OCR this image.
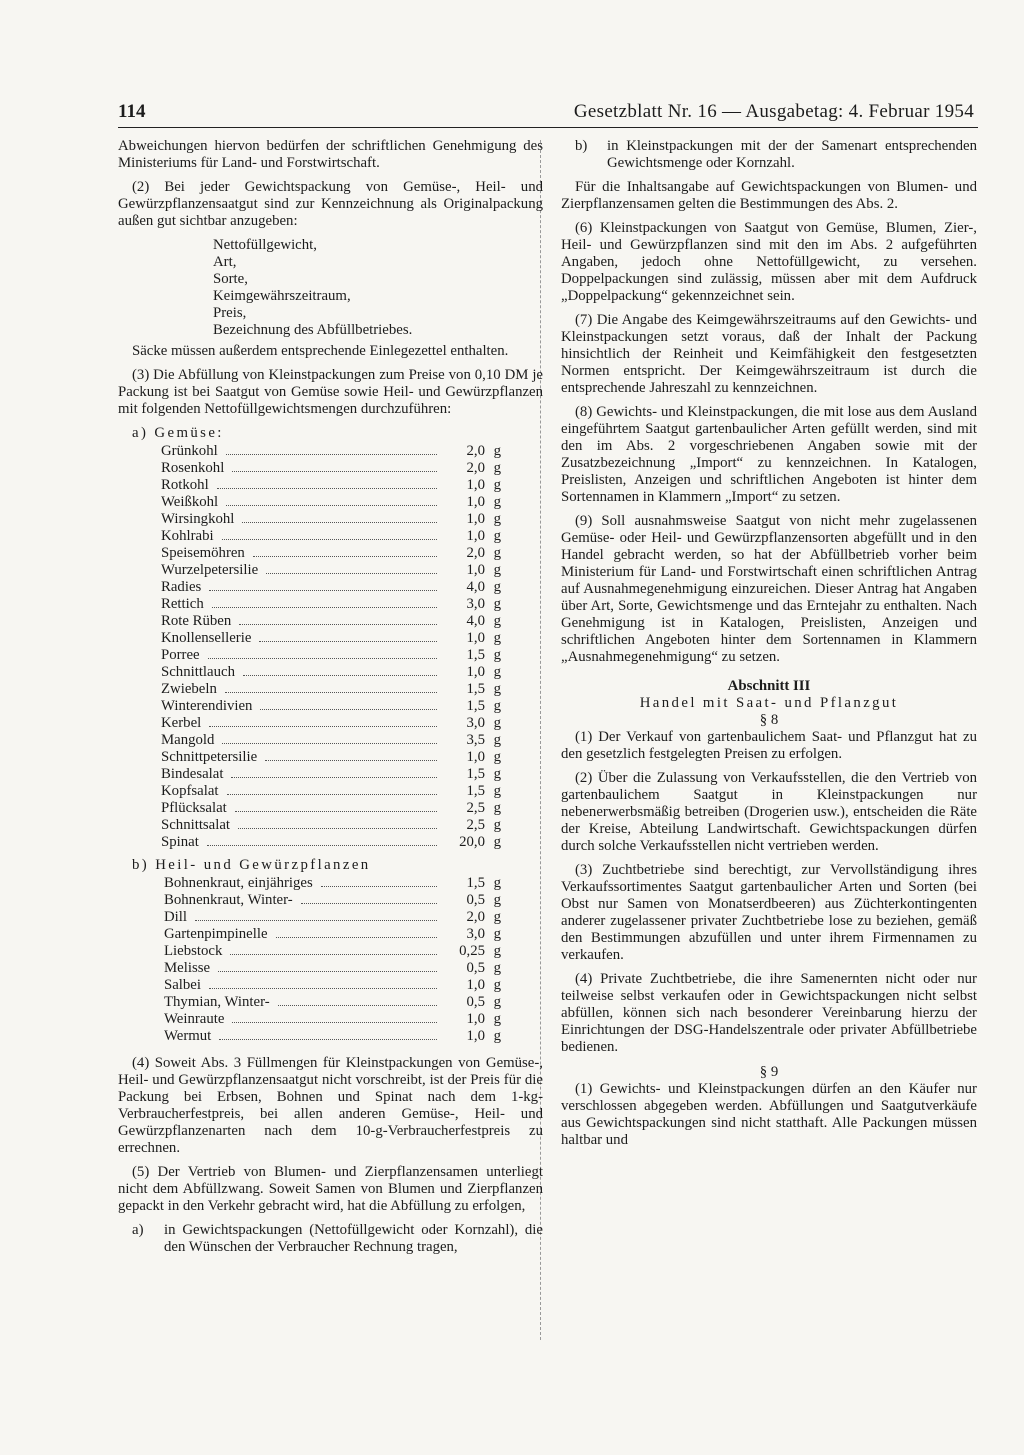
114	Gesetzblatt Nr. 16 — Ausgabetag: 4. Februar 1954

Abweichungen hiervon bedürfen der schriftlichen Genehmigung des Ministeriums für Land- und Forstwirtschaft.

(2) Bei jeder Gewichtspackung von Gemüse-, Heil- und Gewürzpflanzensaatgut sind zur Kennzeichnung als Originalpackung außen gut sichtbar anzugeben:

Nettofüllgewicht,
Art,
Sorte,
Keimgewährszeitraum,
Preis,
Bezeichnung des Abfüllbetriebes.

Säcke müssen außerdem entsprechende Einlegezettel enthalten.

(3) Die Abfüllung von Kleinstpackungen zum Preise von 0,10 DM je Packung ist bei Saatgut von Gemüse sowie Heil- und Gewürzpflanzen mit folgenden Nettofüllgewichtsmengen durchzuführen:

a) Gemüse:
Grünkohl	2,0 g
Rosenkohl	2,0 g
Rotkohl	1,0 g
Weißkohl	1,0 g
Wirsingkohl	1,0 g
Kohlrabi	1,0 g
Speisemöhren	2,0 g
Wurzelpetersilie	1,0 g
Radies	4,0 g
Rettich	3,0 g
Rote Rüben	4,0 g
Knollensellerie	1,0 g
Porree	1,5 g
Schnittlauch	1,0 g
Zwiebeln	1,5 g
Winterendivien	1,5 g
Kerbel	3,0 g
Mangold	3,5 g
Schnittpetersilie	1,0 g
Bindesalat	1,5 g
Kopfsalat	1,5 g
Pflücksalat	2,5 g
Schnittsalat	2,5 g
Spinat	20,0 g
b) Heil- und Gewürzpflanzen
Bohnenkraut, einjähriges	1,5 g
Bohnenkraut, Winter-	0,5 g
Dill	2,0 g
Gartenpimpinelle	3,0 g
Liebstock	0,25 g
Melisse	0,5 g
Salbei	1,0 g
Thymian, Winter-	0,5 g
Weinraute	1,0 g
Wermut	1,0 g

(4) Soweit Abs. 3 Füllmengen für Kleinstpackungen von Gemüse-, Heil- und Gewürzpflanzensaatgut nicht vorschreibt, ist der Preis für die Packung bei Erbsen, Bohnen und Spinat nach dem 1-kg-Verbraucherfestpreis, bei allen anderen Gemüse-, Heil- und Gewürzpflanzenarten nach dem 10-g-Verbraucherfestpreis zu errechnen.

(5) Der Vertrieb von Blumen- und Zierpflanzensamen unterliegt nicht dem Abfüllzwang. Soweit Samen von Blumen und Zierpflanzen gepackt in den Verkehr gebracht wird, hat die Abfüllung zu erfolgen,

a)	in Gewichtspackungen (Nettofüllgewicht oder Kornzahl), die den Wünschen der Verbraucher Rechnung tragen,
b)	in Kleinstpackungen mit der der Samenart entsprechenden Gewichtsmenge oder Kornzahl.

Für die Inhaltsangabe auf Gewichtspackungen von Blumen- und Zierpflanzensamen gelten die Bestimmungen des Abs. 2.

(6) Kleinstpackungen von Saatgut von Gemüse, Blumen, Zier-, Heil- und Gewürzpflanzen sind mit den im Abs. 2 aufgeführten Angaben, jedoch ohne Nettofüllgewicht, zu versehen. Doppelpackungen sind zulässig, müssen aber mit dem Aufdruck „Doppelpackung“ gekennzeichnet sein.

(7) Die Angabe des Keimgewährszeitraums auf den Gewichts- und Kleinstpackungen setzt voraus, daß der Inhalt der Packung hinsichtlich der Reinheit und Keimfähigkeit den festgesetzten Normen entspricht. Der Keimgewährszeitraum ist durch die entsprechende Jahreszahl zu kennzeichnen.

(8) Gewichts- und Kleinstpackungen, die mit lose aus dem Ausland eingeführtem Saatgut gartenbaulicher Arten gefüllt werden, sind mit den im Abs. 2 vorgeschriebenen Angaben sowie mit der Zusatzbezeichnung „Import“ zu kennzeichnen. In Katalogen, Preislisten, Anzeigen und schriftlichen Angeboten ist hinter dem Sortennamen in Klammern „Import“ zu setzen.

(9) Soll ausnahmsweise Saatgut von nicht mehr zugelassenen Gemüse- oder Heil- und Gewürzpflanzensorten abgefüllt und in den Handel gebracht werden, so hat der Abfüllbetrieb vorher beim Ministerium für Land- und Forstwirtschaft einen schriftlichen Antrag auf Ausnahmegenehmigung einzureichen. Dieser Antrag hat Angaben über Art, Sorte, Gewichtsmenge und das Erntejahr zu enthalten. Nach Genehmigung ist in Katalogen, Preislisten, Anzeigen und schriftlichen Angeboten hinter dem Sortennamen in Klammern „Ausnahmegenehmigung“ zu setzen.

Abschnitt III
Handel mit Saat- und Pflanzgut
§ 8

(1) Der Verkauf von gartenbaulichem Saat- und Pflanzgut hat zu den gesetzlich festgelegten Preisen zu erfolgen.

(2) Über die Zulassung von Verkaufsstellen, die den Vertrieb von gartenbaulichem Saatgut in Kleinstpackungen nur nebenerwerbsmäßig betreiben (Drogerien usw.), entscheiden die Räte der Kreise, Abteilung Landwirtschaft. Gewichtspackungen dürfen durch solche Verkaufsstellen nicht vertrieben werden.

(3) Zuchtbetriebe sind berechtigt, zur Vervollständigung ihres Verkaufssortimentes Saatgut gartenbaulicher Arten und Sorten (bei Obst nur Samen von Monatserdbeeren) aus Züchterkontingenten anderer zugelassener privater Zuchtbetriebe lose zu beziehen, gemäß den Bestimmungen abzufüllen und unter ihrem Firmennamen zu verkaufen.

(4) Private Zuchtbetriebe, die ihre Samenernten nicht oder nur teilweise selbst verkaufen oder in Gewichtspackungen nicht selbst abfüllen, können sich nach besonderer Vereinbarung hierzu der Einrichtungen der DSG-Handelszentrale oder privater Abfüllbetriebe bedienen.

§ 9

(1) Gewichts- und Kleinstpackungen dürfen an den Käufer nur verschlossen abgegeben werden. Abfüllungen und Saatgutverkäufe aus Gewichtspackungen sind nicht statthaft. Alle Packungen müssen haltbar und
